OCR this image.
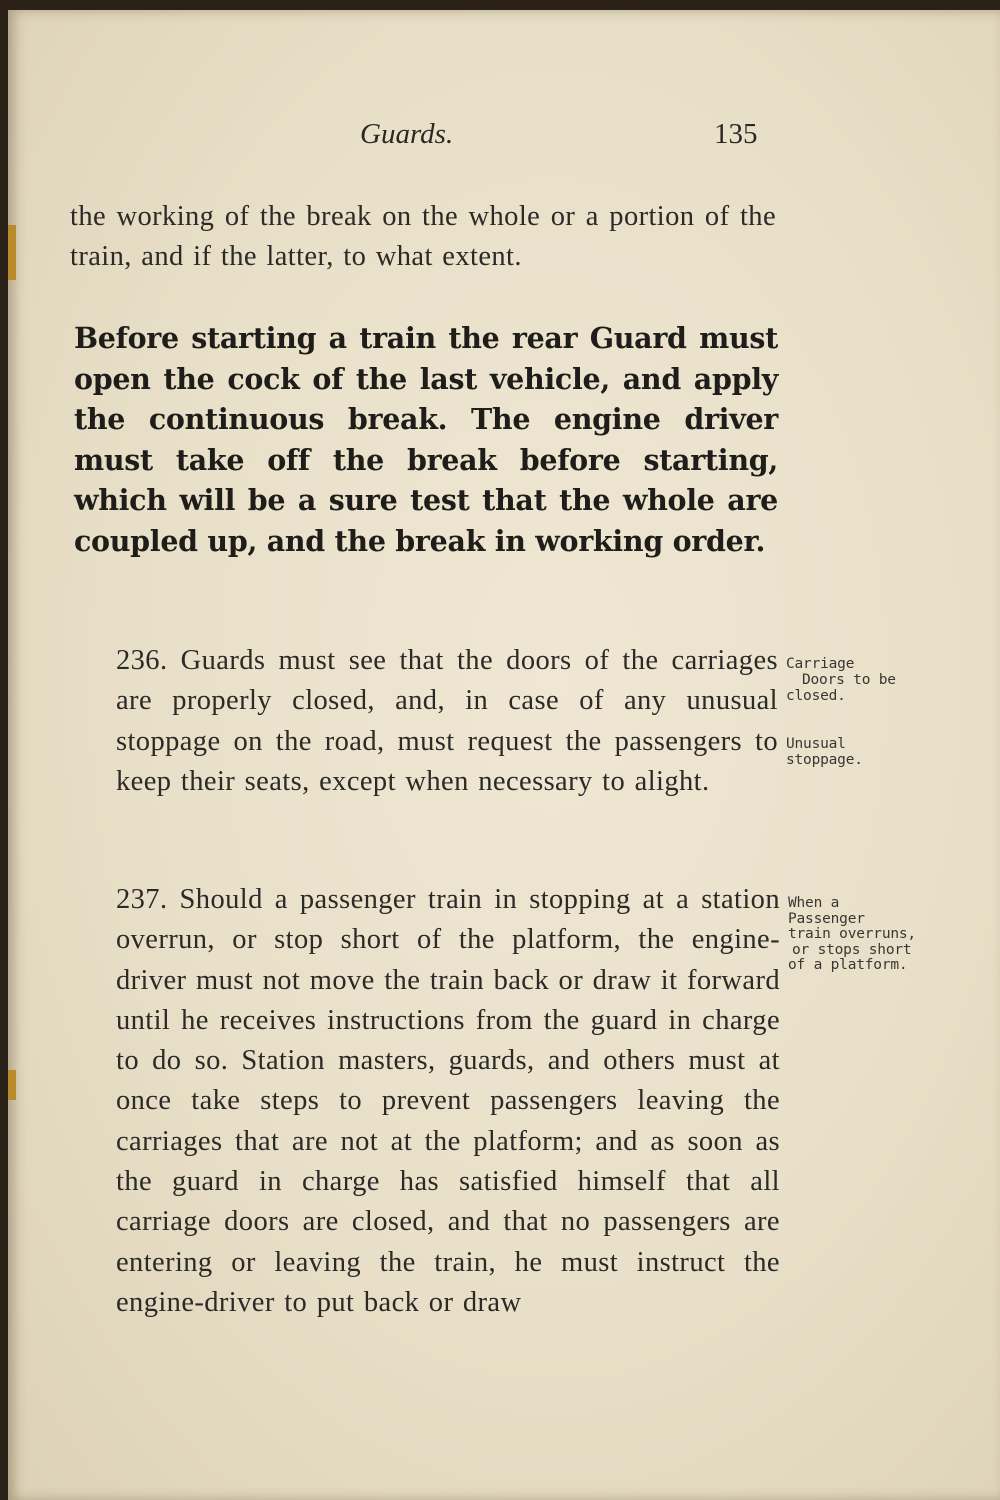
Guards.	135

the working of the break on the whole or a portion of the train, and if the latter, to what extent.

Before starting a train the rear Guard must open the cock of the last vehicle, and apply the continuous break. The engine driver must take off the break before starting, which will be a sure test that the whole are coupled up, and the break in working order.

236. Guards must see that the doors of the carriages are properly closed, and, in case of any unusual stoppage on the road, must request the passengers to keep their seats, except when necessary to alight.

237. Should a passenger train in stopping at a station overrun, or stop short of the platform, the engine-driver must not move the train back or draw it forward until he receives instructions from the guard in charge to do so. Station masters, guards, and others must at once take steps to prevent passengers leaving the carriages that are not at the platform; and as soon as the guard in charge has satisfied himself that all carriage doors are closed, and that no passengers are entering or leaving the train, he must instruct the engine-driver to put back or draw

Carriage
Doors to be
closed.
Unusual
stoppage.
When a
Passenger
train overruns,
or stops short
of a platform.
